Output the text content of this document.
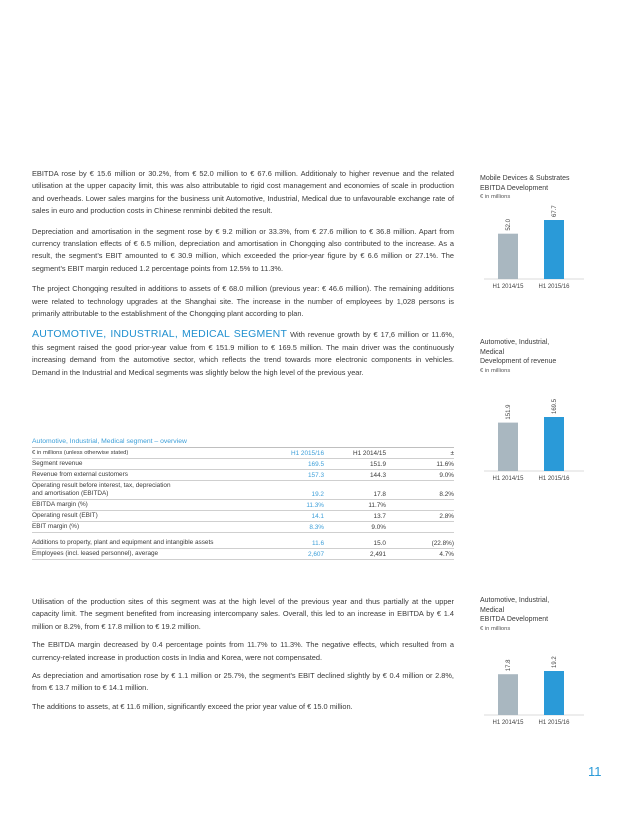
EBITDA rose by € 15.6 million or 30.2%, from € 52.0 million to € 67.6 million. Additionaly to higher revenue and the related utilisation at the upper capacity limit, this was also attributable to rigid cost management and economies of scale in production and overheads. Lower sales margins for the business unit Automotive, Industrial, Medical due to unfavourable exchange rate of sales in euro and production costs in Chinese renminbi debited the result.

Depreciation and amortisation in the segment rose by € 9.2 million or 33.3%, from € 27.6 million to € 36.8 million. Apart from currency translation effects of € 6.5 million, depreciation and amortisation in Chongqing also contributed to the increase. As a result, the segment’s EBIT amounted to € 30.9 million, which exceeded the prior-year figure by € 6.6 million or 27.1%. The segment’s EBIT margin reduced 1.2 percentage points from 12.5% to 11.3%.

The project Chongqing resulted in additions to assets of € 68.0 million (previous year: € 46.6 million). The remaining additions were related to technology upgrades at the Shanghai site. The increase in the number of employees by 1,028 persons is primarily attributable to the establishment of the Chongqing plant according to plan.

AUTOMOTIVE, INDUSTRIAL, MEDICAL SEGMENT With revenue growth by € 17,6 million or 11.6%, this segment raised the good prior-year value from € 151.9 million to € 169.5 million. The main driver was the continuously increasing demand from the automotive sector, which reflects the trend towards more electronic components in vehicles. Demand in the Industrial and Medical segments was slightly below the high level of the previous year.

Automotive, Industrial, Medical segment – overview
€ in millions (unless otherwise stated)	H1 2015/16	H1 2014/15	±
Segment revenue	169.5	151.9	11.6%
Revenue from external customers	157.3	144.3	9.0%
Operating result before interest, tax, depreciation
and amortisation (EBITDA)	19.2	17.8	8.2%
EBITDA margin (%)	11.3%	11.7%
Operating result (EBIT)	14.1	13.7	2.8%
EBIT margin (%)	8.3%	9.0%
Additions to property, plant and equipment and intangible assets	11.6	15.0	(22.8%)
Employees (incl. leased personnel), average	2,607	2,491	4.7%

Utilisation of the production sites of this segment was at the high level of the previous year and thus partially at the upper capacity limit. The segment benefited from increasing intercompany sales. Overall, this led to an increase in EBITDA by € 1.4 million or 8.2%, from € 17.8 million to € 19.2 million.

The EBITDA margin decreased by 0.4 percentage points from 11.7% to 11.3%. The negative effects, which resulted from a currency-related increase in production costs in India and Korea, were not compensated.

As depreciation and amortisation rose by € 1.1 million or 25.7%, the segment’s EBIT declined slightly by € 0.4 million or 2.8%, from € 13.7 million to € 14.1 million.

The additions to assets, at € 11.6 million, significantly exceed the prior year value of € 15.0 million.

Mobile Devices & Substrates
EBITDA Development
€ in millions
52.0
H1 2014/15
67.7
H1 2015/16
Automotive, Industrial,
Medical
Development of revenue
€ in millions
151.9
H1 2014/15
169.5
H1 2015/16
Automotive, Industrial,
Medical
EBITDA Development
€ in millions
17.8
H1 2014/15
19.2
H1 2015/16
11
